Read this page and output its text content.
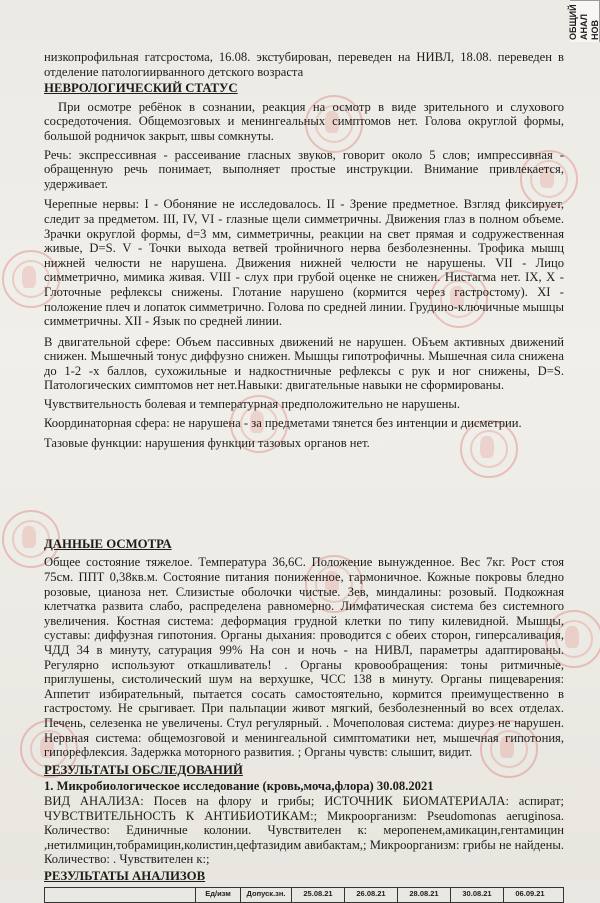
ОБЩИЙ АНАЛ НОВ

низкопрофильная гатсростома, 16.08. экстубирован, переведен на НИВЛ, 18.08. переведен в отделение патологиирванного детского возраста

НЕВРОЛОГИЧЕСКИЙ СТАТУС

При осмотре ребёнок в сознании, реакция на осмотр в виде зрительного и слухового сосредоточения. Общемозговых и менингеальных симптомов нет. Голова округлой формы, большой родничок закрыт, швы сомкнуты.

Речь: экспрессивная - рассеивание гласных звуков, говорит около 5 слов; импрессивная - обращенную речь понимает, выполняет простые инструкции. Внимание привлекается, удерживает.

Черепные нервы: I - Обоняние не исследовалось. II - Зрение предметное. Взгляд фиксирует, следит за предметом. III, IV, VI - глазные щели симметричны. Движения глаз в полном объеме. Зрачки округлой формы, d=3 мм, симметричны, реакции на свет прямая и содружественная живые, D=S. V - Точки выхода ветвей тройничного нерва безболезненны. Трофика мышц нижней челюсти не нарушена. Движения нижней челюсти не нарушены. VII - Лицо симметрично, мимика живая. VIII - слух при грубой оценке не снижен. Нистагма нет. IX, X - Глоточные рефлексы снижены. Глотание нарушено (кормится через гастростому). XI - положение плеч и лопаток симметрично. Голова по средней линии. Грудино-ключичные мышцы симметричны. XII - Язык по средней линии.

В двигательной сфере: Объем пассивных движений не нарушен. ОБъем активных движений снижен. Мышечный тонус диффузно снижен. Мышцы гипотрофичны. Мышечная сила снижена до 1-2 -х баллов, сухожильные и надкостничные рефлексы с рук и ног снижены, D=S. Патологических симптомов нет нет.Навыки: двигательные навыки не сформированы.

Чувствительность болевая и температурная предположительно не нарушены.

Координаторная сфера: не нарушена - за предметами тянется без интенции и дисметрии.

Тазовые функции: нарушения функции тазовых органов нет.

ДАННЫЕ ОСМОТРА

Общее состояние тяжелое. Температура 36,6С. Положение вынужденное. Вес 7кг. Рост стоя 75см. ППТ 0,38кв.м. Состояние питания пониженное, гармоничное. Кожные покровы бледно розовые, цианоза нет. Слизистые оболочки чистые. Зев, миндалины: розовый. Подкожная клетчатка развита слабо, распределена равномерно. Лимфатическая система без системного увеличения. Костная система: деформация грудной клетки по типу килевидной. Мышцы, суставы: диффузная гипотония. Органы дыхания: проводится с обеих сторон, гиперсаливация, ЧДД 34 в минуту, сатурация 99% На сон и ночь - на НИВЛ, параметры адаптированы. Регулярно используют откашливатель! . Органы кровообращения: тоны ритмичные, приглушены, систолический шум на верхушке, ЧСС 138 в минуту. Органы пищеварения: Аппетит избирательный, пытается сосать самостоятельно, кормится преимущественно в гастростому. Не срыгивает. При пальпации живот мягкий, безболезненный во всех отделах. Печень, селезенка не увеличены. Стул регулярный. . Мочеполовая система: диурез не нарушен. Нервная система: общемозговой и менингеальной симптоматики нет, мышечная гипотония, гипорефлексия. Задержка моторного развития. ; Органы чувств: слышит, видит.

РЕЗУЛЬТАТЫ ОБСЛЕДОВАНИЙ

1. Микробиологическое исследование (кровь,моча,флора) 30.08.2021

ВИД АНАЛИЗА: Посев на флору и грибы; ИСТОЧНИК БИОМАТЕРИАЛА: аспират; ЧУВСТВИТЕЛЬНОСТЬ К АНТИБИОТИКАМ:; Микроорганизм: Pseudomonas aeruginosa. Количество: Единичные колонии. Чувствителен к: меропенем,амикацин,гентамицин ,нетилмицин,тобрамицин,колистин,цефтазидим авибактам,; Микроорганизм: грибы не найдены. Количество: . Чувствителен к:;

РЕЗУЛЬТАТЫ АНАЛИЗОВ
Ед/изм	Допуск.зн.	25.08.21	26.08.21	28.08.21	30.08.21	06.09.21
